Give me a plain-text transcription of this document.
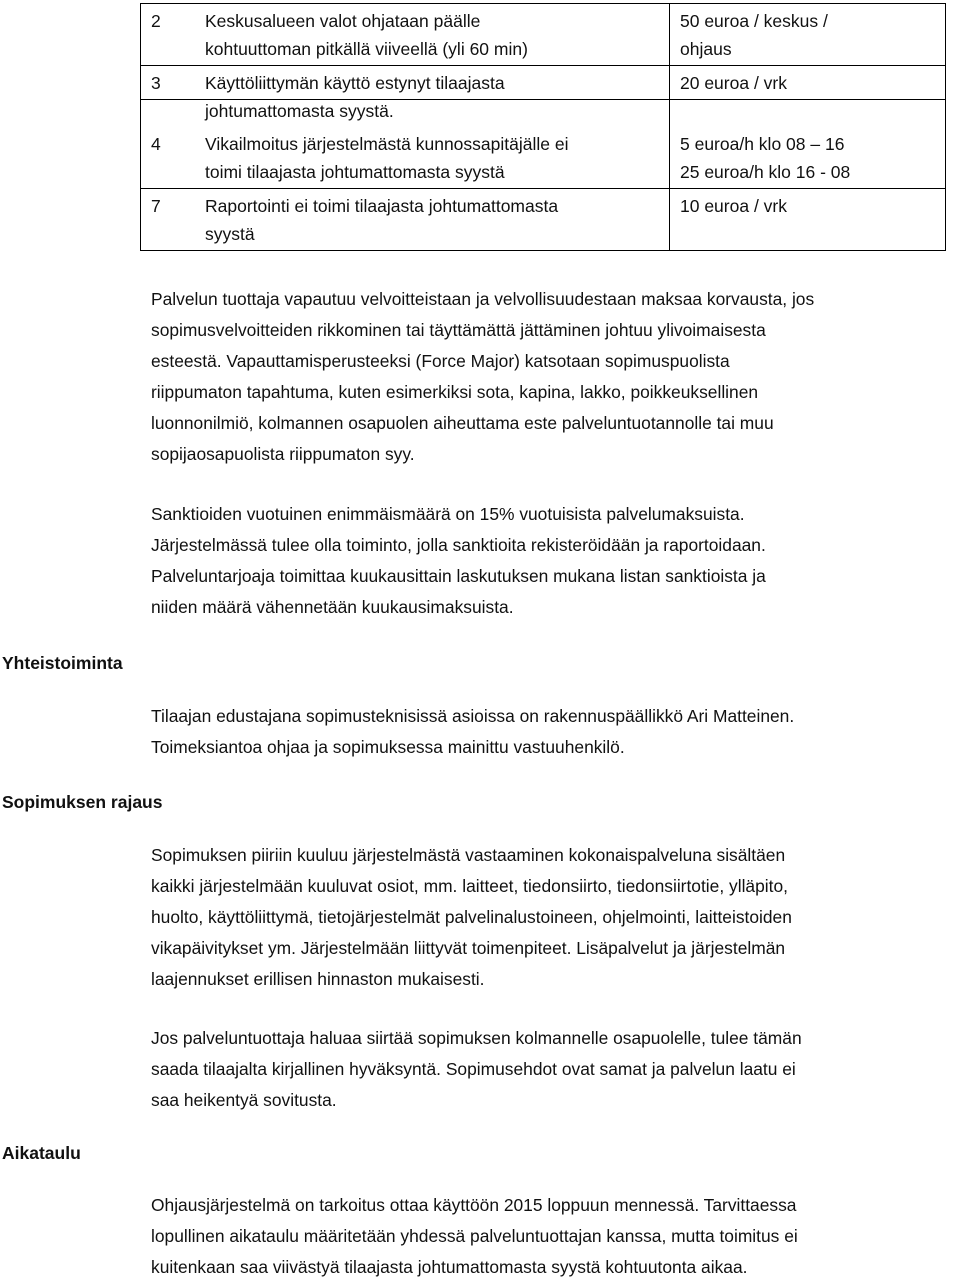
2	Keskusalueen valot ohjataan päälle
kohtuuttoman pitkällä viiveellä (yli 60 min)	50 euroa / keskus /
ohjaus

3	Käyttöliittymän käyttö estynyt tilaajasta
johtumattomasta syystä.	20 euroa / vrk

4	Vikailmoitus järjestelmästä kunnossapitäjälle ei
toimi tilaajasta johtumattomasta syystä	5 euroa/h klo 08 – 16
25 euroa/h klo 16 - 08

7	Raportointi ei toimi tilaajasta johtumattomasta
syystä	10 euroa / vrk
Palvelun tuottaja vapautuu velvoitteistaan ja velvollisuudestaan maksaa korvausta, jos
sopimusvelvoitteiden rikkominen tai täyttämättä jättäminen johtuu ylivoimaisesta
esteestä. Vapauttamisperusteeksi (Force Major) katsotaan sopimuspuolista
riippumaton tapahtuma, kuten esimerkiksi sota, kapina, lakko, poikkeuksellinen
luonnonilmiö, kolmannen osapuolen aiheuttama este palveluntuotannolle tai muu
sopijaosapuolista riippumaton syy.
Sanktioiden vuotuinen enimmäismäärä on 15% vuotuisista palvelumaksuista.
Järjestelmässä tulee olla toiminto, jolla sanktioita rekisteröidään ja raportoidaan.
Palveluntarjoaja toimittaa kuukausittain laskutuksen mukana listan sanktioista ja
niiden määrä vähennetään kuukausimaksuista.
Yhteistoiminta
Tilaajan edustajana sopimusteknisissä asioissa on rakennuspäällikkö Ari Matteinen.
Toimeksiantoa ohjaa ja sopimuksessa mainittu vastuuhenkilö.
Sopimuksen rajaus
Sopimuksen piiriin kuuluu järjestelmästä vastaaminen kokonaispalveluna sisältäen
kaikki järjestelmään kuuluvat osiot, mm. laitteet, tiedonsiirto, tiedonsiirtotie, ylläpito,
huolto, käyttöliittymä, tietojärjestelmät palvelinalustoineen, ohjelmointi, laitteistoiden
vikapäivitykset ym. Järjestelmään liittyvät toimenpiteet. Lisäpalvelut ja järjestelmän
laajennukset erillisen hinnaston mukaisesti.
Jos palveluntuottaja haluaa siirtää sopimuksen kolmannelle osapuolelle, tulee tämän
saada tilaajalta kirjallinen hyväksyntä. Sopimusehdot ovat samat ja palvelun laatu ei
saa heikentyä sovitusta.
Aikataulu
Ohjausjärjestelmä on tarkoitus ottaa käyttöön 2015 loppuun mennessä. Tarvittaessa
lopullinen aikataulu määritetään yhdessä palveluntuottajan kanssa, mutta toimitus ei
kuitenkaan saa viivästyä tilaajasta johtumattomasta syystä kohtuutonta aikaa.
